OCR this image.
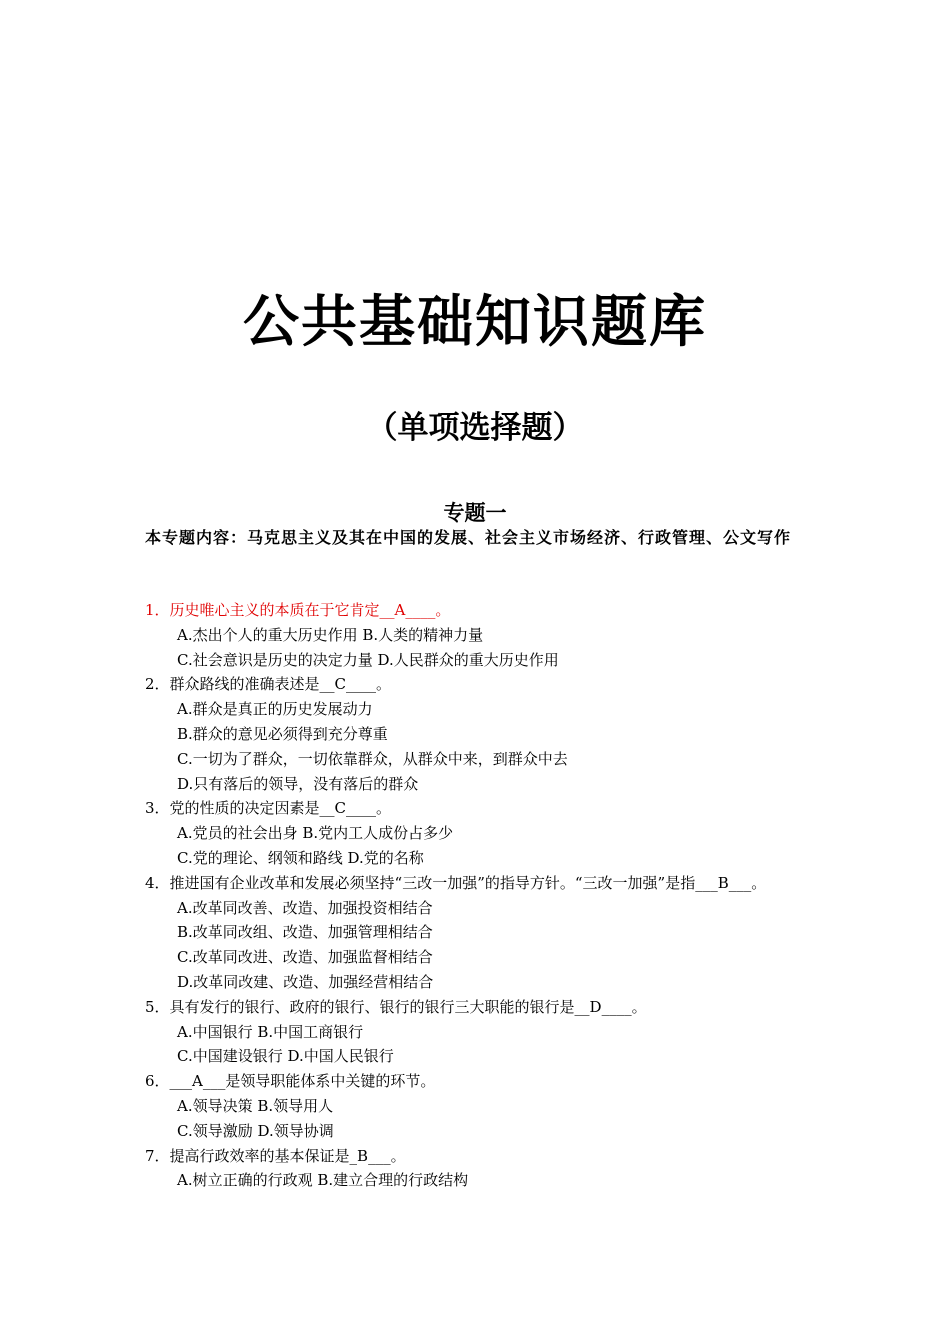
公共基础知识题库
（单项选择题）
专题一
本专题内容：马克思主义及其在中国的发展、社会主义市场经济、行政管理、公文写作
1．历史唯心主义的本质在于它肯定__A____。
A.杰出个人的重大历史作用 B.人类的精神力量
C.社会意识是历史的决定力量 D.人民群众的重大历史作用
2．群众路线的准确表述是__C____。
A.群众是真正的历史发展动力
B.群众的意见必须得到充分尊重
C.一切为了群众，一切依靠群众，从群众中来，到群众中去
D.只有落后的领导，没有落后的群众
3．党的性质的决定因素是__C____。
A.党员的社会出身 B.党内工人成份占多少
C.党的理论、纲领和路线 D.党的名称
4．推进国有企业改革和发展必须坚持“三改一加强”的指导方针。“三改一加强”是指___B___。
A.改革同改善、改造、加强投资相结合
B.改革同改组、改造、加强管理相结合
C.改革同改进、改造、加强监督相结合
D.改革同改建、改造、加强经营相结合
5．具有发行的银行、政府的银行、银行的银行三大职能的银行是__D____。
A.中国银行 B.中国工商银行
C.中国建设银行 D.中国人民银行
6．___A___是领导职能体系中关键的环节。
A.领导决策 B.领导用人
C.领导激励 D.领导协调
7．提高行政效率的基本保证是_B___。
A.树立正确的行政观 B.建立合理的行政结构
